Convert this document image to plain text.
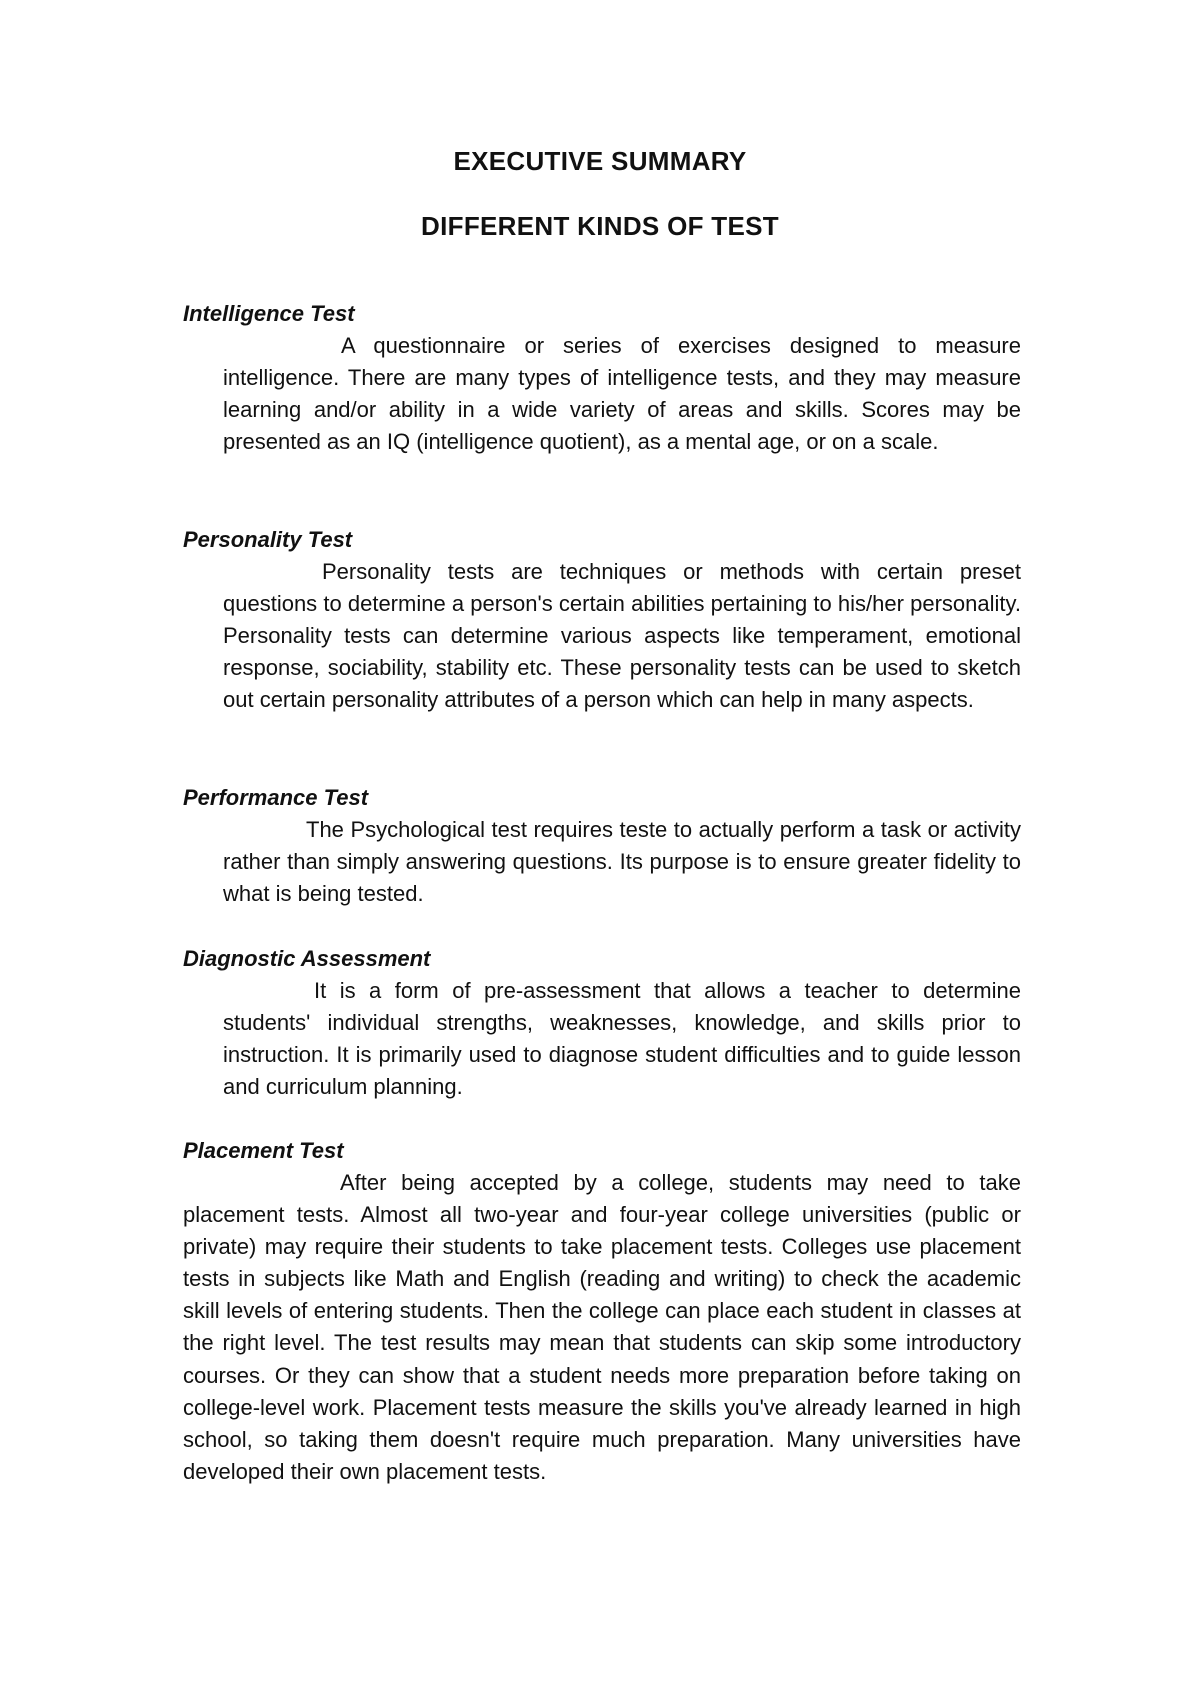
EXECUTIVE SUMMARY
DIFFERENT KINDS OF TEST
Intelligence Test

A questionnaire or series of exercises designed to measure intelligence. There are many types of intelligence tests, and they may measure learning and/or ability in a wide variety of areas and skills. Scores may be presented as an IQ (intelligence quotient), as a mental age, or on a scale.

Personality Test

Personality tests are techniques or methods with certain preset questions to determine a person's certain abilities pertaining to his/her personality. Personality tests can determine various aspects like temperament, emotional response, sociability, stability etc. These personality tests can be used to sketch out certain personality attributes of a person which can help in many aspects.

Performance Test

The Psychological test requires teste to actually perform a task or activity rather than simply answering questions. Its purpose is to ensure greater fidelity to what is being tested.

Diagnostic Assessment

It is a form of pre-assessment that allows a teacher to determine students' individual strengths, weaknesses, knowledge, and skills prior to instruction. It is primarily used to diagnose student difficulties and to guide lesson and curriculum planning.

Placement Test

After being accepted by a college, students may need to take placement tests. Almost all two-year and four-year college universities (public or private) may require their students to take placement tests. Colleges use placement tests in subjects like Math and English (reading and writing) to check the academic skill levels of entering students. Then the college can place each student in classes at the right level. The test results may mean that students can skip some introductory courses. Or they can show that a student needs more preparation before taking on college-level work. Placement tests measure the skills you've already learned in high school, so taking them doesn't require much preparation. Many universities have developed their own placement tests.
